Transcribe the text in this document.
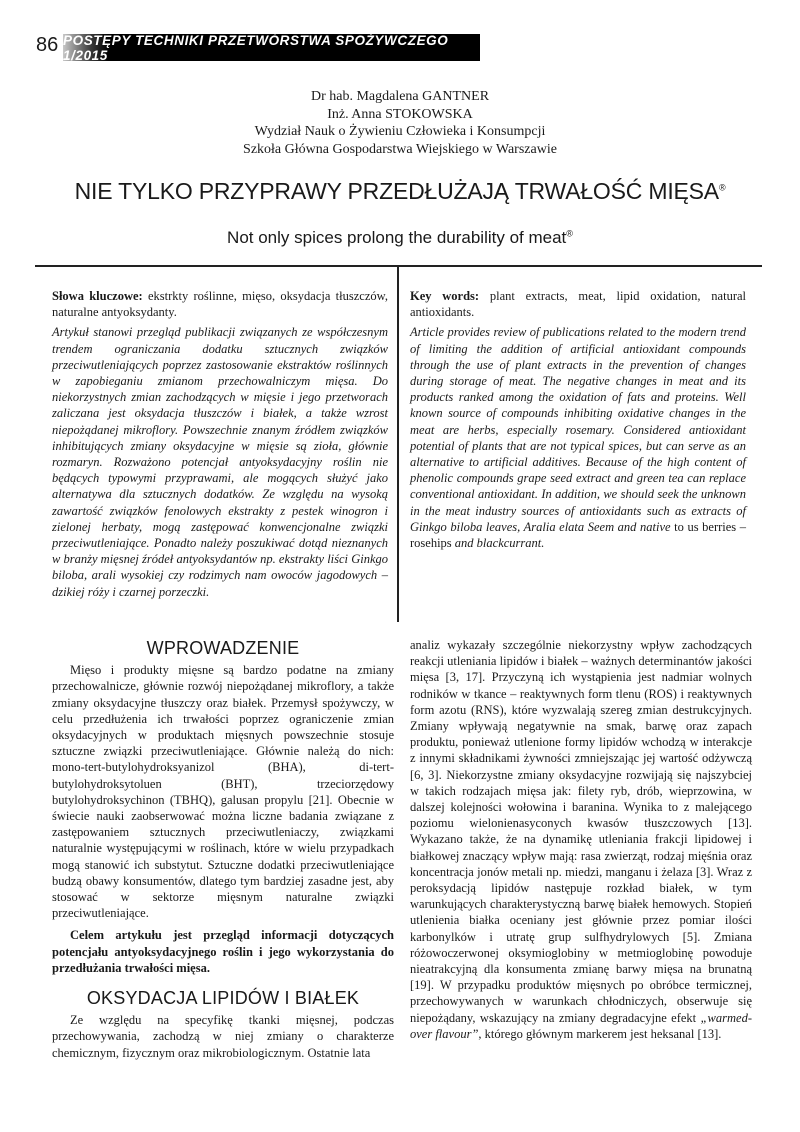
86 POSTĘPY TECHNIKI PRZETWÓRSTWA SPOŻYWCZEGO 1/2015
Dr hab. Magdalena GANTNER
Inż. Anna STOKOWSKA
Wydział Nauk o Żywieniu Człowieka i Konsumpcji
Szkoła Główna Gospodarstwa Wiejskiego w Warszawie
NIE TYLKO PRZYPRAWY PRZEDŁUŻAJĄ TRWAŁOŚĆ MIĘSA®
Not only spices prolong the durability of meat®

Słowa kluczowe: ekstrkty roślinne, mięso, oksydacja tłuszczów, naturalne antyoksydanty.

Artykuł stanowi przegląd publikacji związanych ze współczesnym trendem ograniczania dodatku sztucznych związków przeciwutleniających poprzez zastosowanie ekstraktów roślinnych w zapobieganiu zmianom przechowalniczym mięsa. Do niekorzystnych zmian zachodzących w mięsie i jego przetworach zaliczana jest oksydacja tłuszczów i białek, a także wzrost niepożądanej mikroflory. Powszechnie znanym źródłem związków inhibitujących zmiany oksydacyjne w mięsie są zioła, głównie rozmaryn. Rozważono potencjał antyoksydacyjny roślin nie będących typowymi przyprawami, ale mogących służyć jako alternatywa dla sztucznych dodatków. Ze względu na wysoką zawartość związków fenolowych ekstrakty z pestek winogron i zielonej herbaty, mogą zastępować konwencjonalne związki przeciwutleniające. Ponadto należy poszukiwać dotąd nieznanych w branży mięsnej źródeł antyoksydantów np. ekstrakty liści Ginkgo biloba, arali wysokiej czy rodzimych nam owoców jagodowych – dzikiej róży i czarnej porzeczki.

Key words: plant extracts, meat, lipid oxidation, natural antioxidants.

Article provides review of publications related to the modern trend of limiting the addition of artificial antioxidant compounds through the use of plant extracts in the prevention of changes during storage of meat. The negative changes in meat and its products ranked among the oxidation of fats and proteins. Well known source of compounds inhibiting oxidative changes in the meat are herbs, especially rosemary. Considered antioxidant potential of plants that are not typical spices, but can serve as an alternative to artificial additives. Because of the high content of phenolic compounds grape seed extract and green tea can replace conventional antioxidant. In addition, we should seek the unknown in the meat industry sources of antioxidants such as extracts of Ginkgo biloba leaves, Aralia elata Seem and native to us berries – rosehips and blackcurrant.

WPROWADZENIE

Mięso i produkty mięsne są bardzo podatne na zmiany przechowalnicze, głównie rozwój niepożądanej mikroflory, a także zmiany oksydacyjne tłuszczy oraz białek. Przemysł spożywczy, w celu przedłużenia ich trwałości poprzez ograniczenie zmian oksydacyjnych w produktach mięsnych powszechnie stosuje sztuczne związki przeciwutleniające. Głównie należą do nich: mono-tert-butylohydroksyanizol (BHA), di-tert-butylohydroksytoluen (BHT), trzeciorzędowy butylohydroksychinon (TBHQ), galusan propylu [21]. Obecnie w świecie nauki zaobserwować można liczne badania związane z zastępowaniem sztucznych przeciwutleniaczy, związkami naturalnie występującymi w roślinach, które w wielu przypadkach mogą stanowić ich substytut. Sztuczne dodatki przeciwutleniające budzą obawy konsumentów, dlatego tym bardziej zasadne jest, aby stosować w sektorze mięsnym naturalne związki przeciwutleniające.

Celem artykułu jest przegląd informacji dotyczących potencjału antyoksydacyjnego roślin i jego wykorzystania do przedłużania trwałości mięsa.

OKSYDACJA LIPIDÓW I BIAŁEK

Ze względu na specyfikę tkanki mięsnej, podczas przechowywania, zachodzą w niej zmiany o charakterze chemicznym, fizycznym oraz mikrobiologicznym. Ostatnie lata

analiz wykazały szczególnie niekorzystny wpływ zachodzących reakcji utleniania lipidów i białek – ważnych determinantów jakości mięsa [3, 17]. Przyczyną ich wystąpienia jest nadmiar wolnych rodników w tkance – reaktywnych form tlenu (ROS) i reaktywnych form azotu (RNS), które wyzwalają szereg zmian destrukcyjnych. Zmiany wpływają negatywnie na smak, barwę oraz zapach produktu, ponieważ utlenione formy lipidów wchodzą w interakcje z innymi składnikami żywności zmniejszając jej wartość odżywczą [6, 3]. Niekorzystne zmiany oksydacyjne rozwijają się najszybciej w takich rodzajach mięsa jak: filety ryb, drób, wieprzowina, w dalszej kolejności wołowina i baranina. Wynika to z malejącego poziomu wielonienasyconych kwasów tłuszczowych [13]. Wykazano także, że na dynamikę utleniania frakcji lipidowej i białkowej znaczący wpływ mają: rasa zwierząt, rodzaj mięśnia oraz koncentracja jonów metali np. miedzi, manganu i żelaza [3]. Wraz z peroksydacją lipidów następuje rozkład białek, w tym warunkujących charakterystyczną barwę białek hemowych. Stopień utlenienia białka oceniany jest głównie przez pomiar ilości karbonylków i utratę grup sulfhydrylowych [5]. Zmiana różowoczerwonej oksymioglobiny w metmioglobinę powoduje nieatrakcyjną dla konsumenta zmianę barwy mięsa na brunatną [19]. W przypadku produktów mięsnych po obróbce termicznej, przechowywanych w warunkach chłodniczych, obserwuje się niepożądany, wskazujący na zmiany degradacyjne efekt „warmed-over flavour”, którego głównym markerem jest heksanal [13].
